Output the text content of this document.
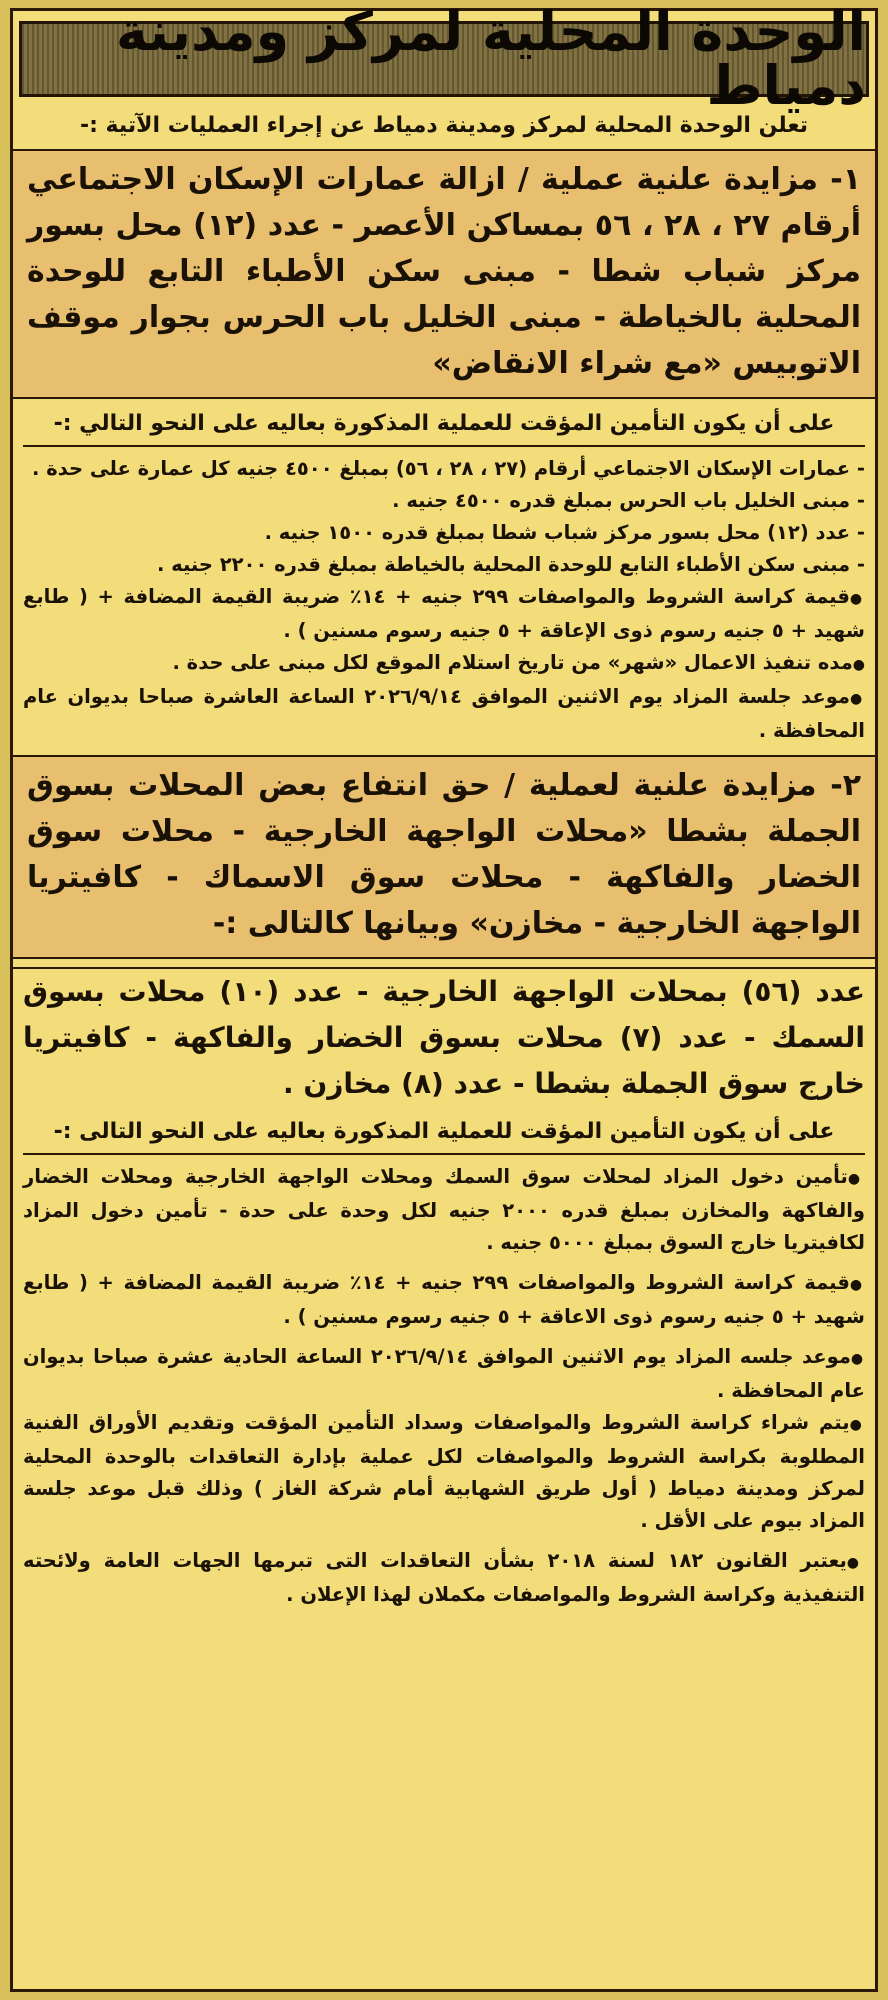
الوحدة المحلية لمركز ومدينة دمياط
تعلن الوحدة المحلية لمركز ومدينة دمياط عن إجراء العمليات الآتية :-

١- مزايدة علنية عملية / ازالة عمارات الإسكان الاجتماعي أرقام ٢٧ ، ٢٨ ، ٥٦ بمساكن الأعصر - عدد (١٢) محل بسور مركز شباب شطا - مبنى سكن الأطباء التابع للوحدة المحلية بالخياطة - مبنى الخليل باب الحرس بجوار موقف الاتوبيس «مع شراء الانقاض»

على أن يكون التأمين المؤقت للعملية المذكورة بعاليه على النحو التالي :-

- عمارات الإسكان الاجتماعي أرقام (٢٧ ، ٢٨ ، ٥٦) بمبلغ ٤٥٠٠ جنيه كل عمارة على حدة .

- مبنى الخليل باب الحرس بمبلغ قدره ٤٥٠٠ جنيه .

- عدد (١٢) محل بسور مركز شباب شطا بمبلغ قدره ١٥٠٠ جنيه .

- مبنى سكن الأطباء التابع للوحدة المحلية بالخياطة بمبلغ قدره ٢٢٠٠ جنيه .

● قيمة كراسة الشروط والمواصفات ٢٩٩ جنيه + ١٤٪ ضريبة القيمة المضافة + ( طابع شهيد + ٥ جنيه رسوم ذوى الإعاقة + ٥ جنيه رسوم مسنين ) .

● مده تنفيذ الاعمال «شهر» من تاريخ استلام الموقع لكل مبنى على حدة .

● موعد جلسة المزاد يوم الاثنين الموافق ٢٠٢٦/٩/١٤ الساعة العاشرة صباحا بديوان عام المحافظة .

٢- مزايدة علنية لعملية / حق انتفاع بعض المحلات بسوق الجملة بشطا «محلات الواجهة الخارجية - محلات سوق الخضار والفاكهة - محلات سوق الاسماك - كافيتريا الواجهة الخارجية - مخازن» وبيانها كالتالى :-

عدد (٥٦) بمحلات الواجهة الخارجية - عدد (١٠) محلات بسوق السمك - عدد (٧) محلات بسوق الخضار والفاكهة - كافيتريا خارج سوق الجملة بشطا - عدد (٨) مخازن .

على أن يكون التأمين المؤقت للعملية المذكورة بعاليه على النحو التالى :-

● تأمين دخول المزاد لمحلات سوق السمك ومحلات الواجهة الخارجية ومحلات الخضار والفاكهة والمخازن بمبلغ قدره ٢٠٠٠ جنيه لكل وحدة على حدة - تأمين دخول المزاد لكافيتريا خارج السوق بمبلغ ٥٠٠٠ جنيه .

● قيمة كراسة الشروط والمواصفات ٢٩٩ جنيه + ١٤٪ ضريبة القيمة المضافة + ( طابع شهيد + ٥ جنيه رسوم ذوى الاعاقة + ٥ جنيه رسوم مسنين ) .

● موعد جلسه المزاد يوم الاثنين الموافق ٢٠٢٦/٩/١٤ الساعة الحادية عشرة صباحا بديوان عام المحافظة .

● يتم شراء كراسة الشروط والمواصفات وسداد التأمين المؤقت وتقديم الأوراق الفنية المطلوبة بكراسة الشروط والمواصفات لكل عملية بإدارة التعاقدات بالوحدة المحلية لمركز ومدينة دمياط ( أول طريق الشهابية أمام شركة الغاز ) وذلك قبل موعد جلسة المزاد بيوم على الأقل .

● يعتبر القانون ١٨٢ لسنة ٢٠١٨ بشأن التعاقدات التى تبرمها الجهات العامة ولائحته التنفيذية وكراسة الشروط والمواصفات مكملان لهذا الإعلان .
